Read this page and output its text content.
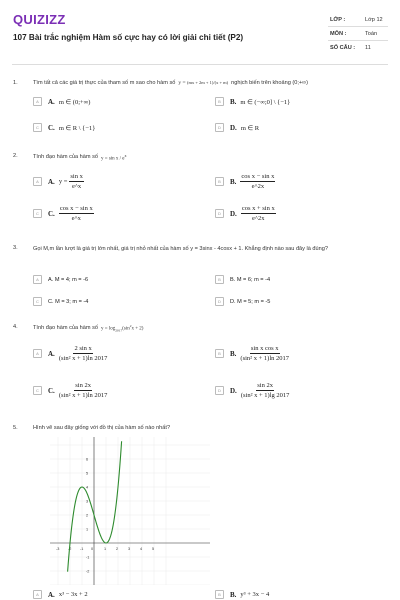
QUIZIZZ
107 Bài trắc nghiệm Hàm số cực hay có lời giải chi tiết (P2)
LỚP :	Lớp 12
MÔN :	Toán
SỐ CÂU : 11
1.	Tìm tất cả các giá trị thực của tham số m sao cho hàm số y = (mx + 2m + 1)/(x + m) nghịch biến trên khoảng (0;+∞)
A	A. m ∈ (0;+∞)	B	B. m ∈ (−∞;0] \ {−1}
C	C. m ∈ R \ {−1}	D	D. m ∈ R
2.	Tính đạo hàm của hàm số $y = \sin x / e^x$
A	A. $y = \frac{\text{sin x}}{e\^{}x}$	B	B. $\frac{\text{cos x − sin x}}{e\^{}2x}$
C	C. $\frac{\text{cos x − sin x}}{e\^{}x}$	D	D. $\frac{\text{cos x + sin x}}{e\^{}2x}$
3.	Gọi M,m lần lượt là giá trị lớn nhất, giá trị nhỏ nhất của hàm số y = 3sinx - 4cosx + 1. Khẳng định nào sau đây là đúng?
A	A. M = 4; m = -6	B	B. M = 6; m = -4
C	C. M = 3; m = -4	D	D. M = 5; m = -5
4.	Tính đạo hàm của hàm số $y = \log_{2017}(\sin^2x + 2)$
A	A. $\frac{\text{2 sin x}}{\text{(sin² x + 1)ln 2017}}$	B	B. $\frac{\text{sin x cos x}}{\text{(sin² x + 1)ln 2017}}$
C	C. $\frac{\sin 2x}{\text{(sin² x + 1)ln 2017}}$	D	D. $\frac{\sin 2x}{\text{(sin² x + 1)lg 2017}}$
5.	Hình vẽ sau đây giống với đồ thị của hàm số nào nhất?
-3 -2 -1 0	1	2	3	4	5
6
5
4
3
2
1
-1
-2
A	A. x³ − 3x + 2	B	B. y³ + 3x − 4
